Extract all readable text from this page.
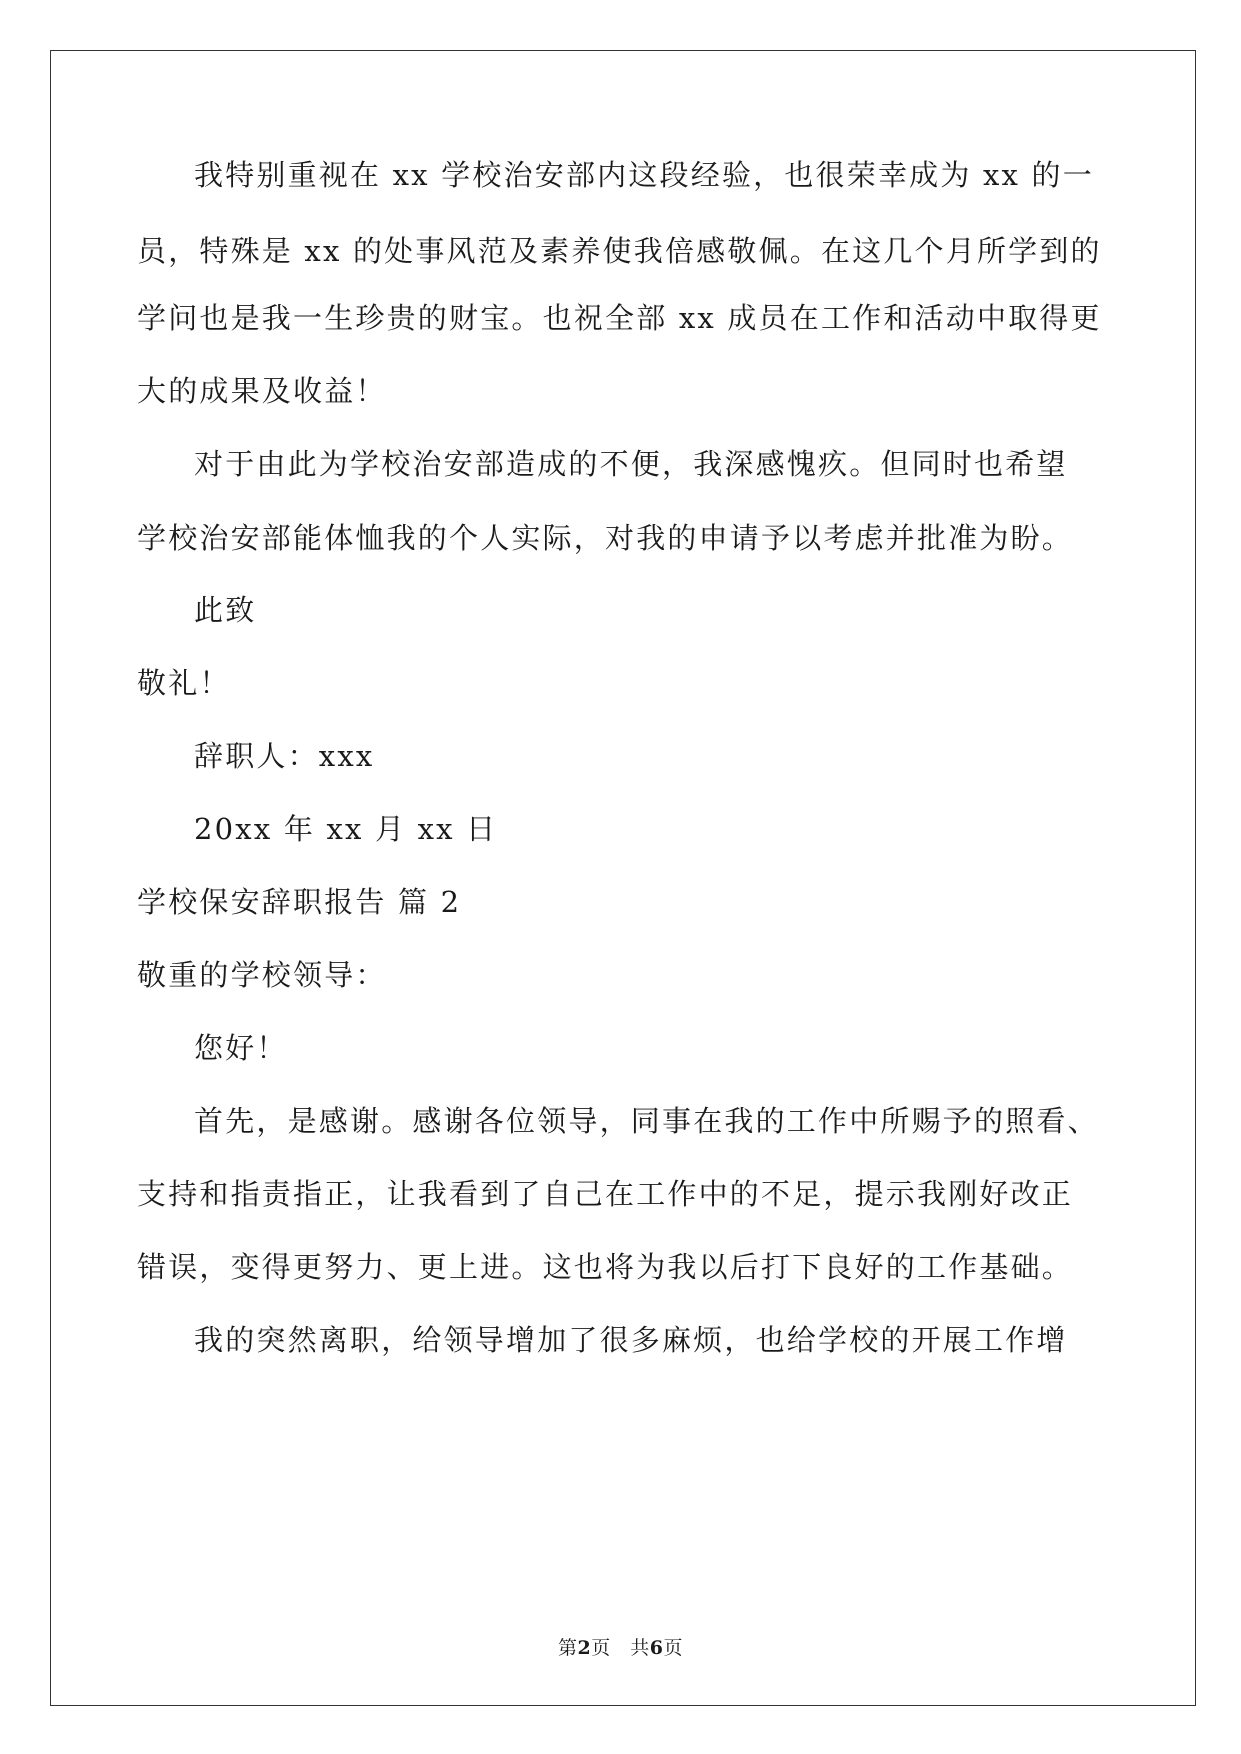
我特别重视在 xx 学校治安部内这段经验，也很荣幸成为 xx 的一
员，特殊是 xx 的处事风范及素养使我倍感敬佩。在这几个月所学到的
学问也是我一生珍贵的财宝。也祝全部 xx 成员在工作和活动中取得更
大的成果及收益！
对于由此为学校治安部造成的不便，我深感愧疚。但同时也希望
学校治安部能体恤我的个人实际，对我的申请予以考虑并批准为盼。
此致
敬礼！
辞职人：xxx
20xx 年 xx 月 xx 日
学校保安辞职报告 篇 2
敬重的学校领导：
您好！
首先，是感谢。感谢各位领导，同事在我的工作中所赐予的照看、
支持和指责指正，让我看到了自己在工作中的不足，提示我刚好改正
错误，变得更努力、更上进。这也将为我以后打下良好的工作基础。
我的突然离职，给领导增加了很多麻烦，也给学校的开展工作增
第2页　共6页
